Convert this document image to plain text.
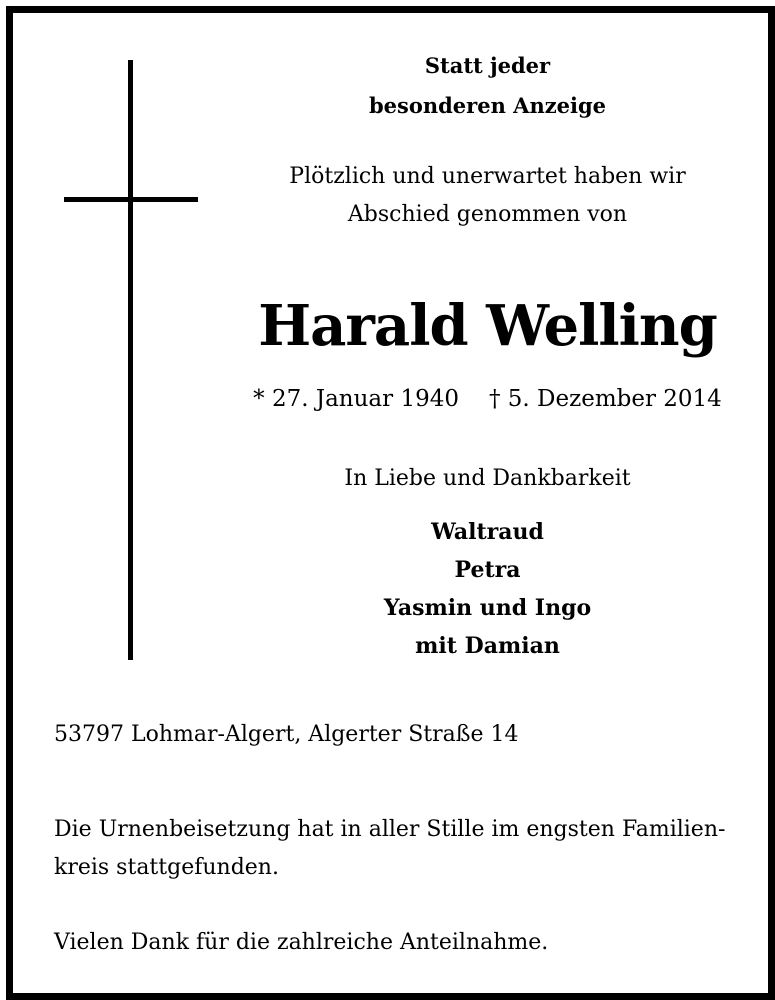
Statt jeder
besonderen Anzeige
Plötzlich und unerwartet haben wir
Abschied genommen von
Harald Welling
* 27. Januar 1940 † 5. Dezember 2014
In Liebe und Dankbarkeit
Waltraud
Petra
Yasmin und Ingo
mit Damian
53797 Lohmar-Algert, Algerter Straße 14
Die Urnenbeisetzung hat in aller Stille im engsten Familien-
kreis stattgefunden.
Vielen Dank für die zahlreiche Anteilnahme.
